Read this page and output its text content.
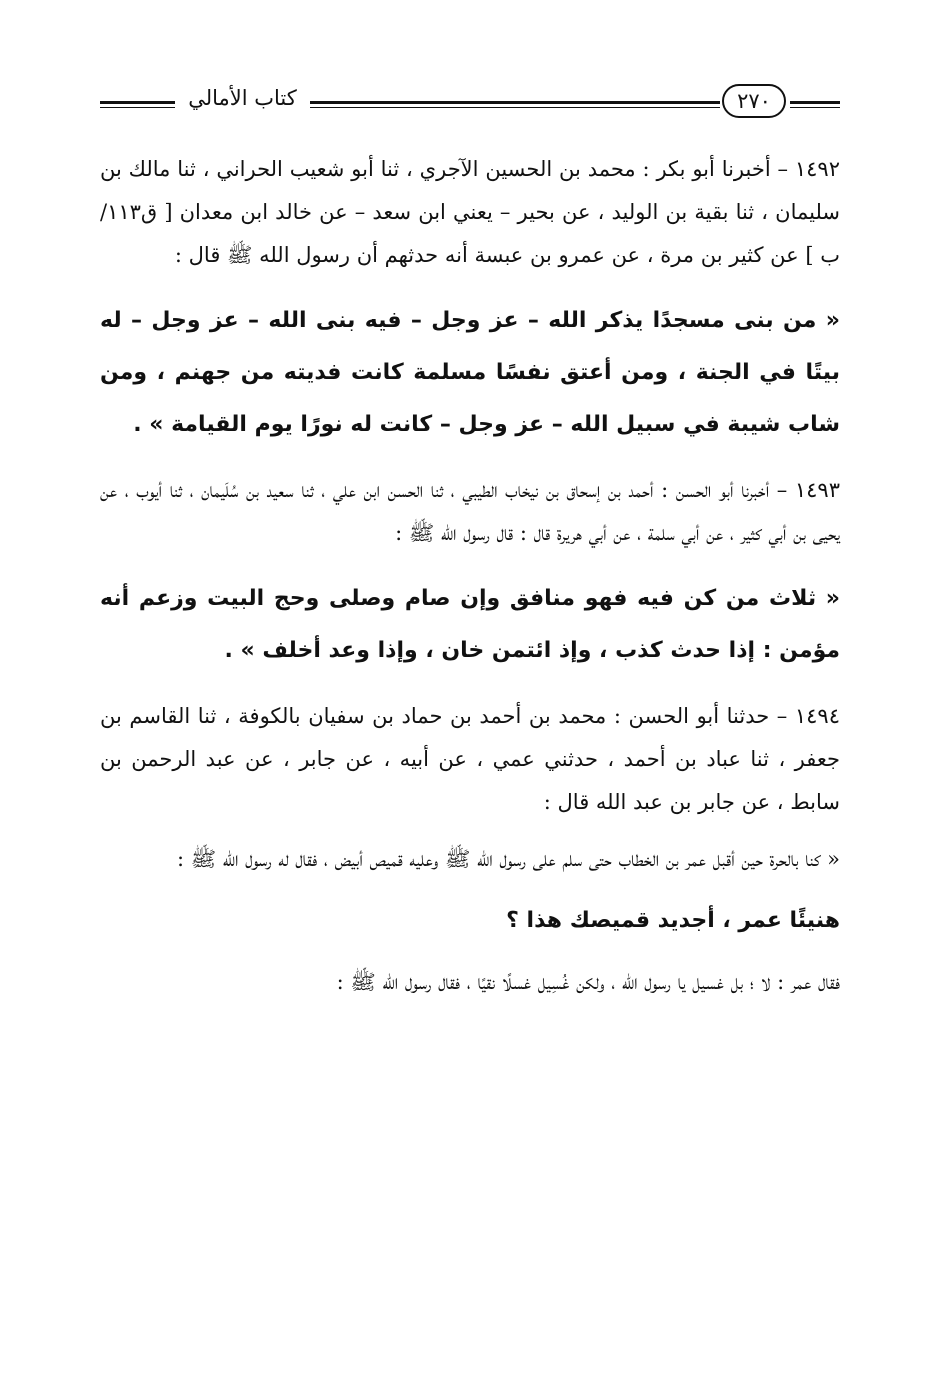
كتاب الأمالي	٢٧٠

١٤٩٢ – أخبرنا أبو بكر : محمد بن الحسين الآجري ، ثنا أبو شعيب الحراني ، ثنا مالك بن سليمان ، ثنا بقية بن الوليد ، عن بحير – يعني ابن سعد – عن خالد ابن معدان [ ق١١٣/ب ] عن كثير بن مرة ، عن عمرو بن عبسة أنه حدثهم أن رسول الله ﷺ قال :

« من بنى مسجدًا يذكر الله – عز وجل – فيه بنى الله – عز وجل – له بيتًا في الجنة ، ومن أعتق نفسًا مسلمة كانت فديته من جهنم ، ومن شاب شيبة في سبيل الله – عز وجل – كانت له نورًا يوم القيامة » .

١٤٩٣ – أخبرنا أبو الحسن : أحمد بن إسحاق بن نيخاب الطيبي ، ثنا الحسن ابن علي ، ثنا سعيد بن سُلَيمان ، ثنا أيوب ، عن يحيى بن أبي كثير ، عن أبي سلمة ، عن أبي هريرة قال : قال رسول الله ﷺ :

« ثلاث من كن فيه فهو منافق وإن صام وصلى وحج البيت وزعم أنه مؤمن : إذا حدث كذب ، وإذ ائتمن خان ، وإذا وعد أخلف » .

١٤٩٤ – حدثنا أبو الحسن : محمد بن أحمد بن حماد بن سفيان بالكوفة ، ثنا القاسم بن جعفر ، ثنا عباد بن أحمد ، حدثني عمي ، عن أبيه ، عن جابر ، عن عبد الرحمن بن سابط ، عن جابر بن عبد الله قال :

« كنا بالحرة حين أقبل عمر بن الخطاب حتى سلم على رسول الله ﷺ وعليه قميص أبيض ، فقال له رسول الله ﷺ :

هنيئًا عمر ، أجديد قميصك هذا ؟

فقال عمر : لا ؛ بل غسيل يا رسول الله ، ولكن غُسِيل غسلًا نقيًا ، فقال رسول الله ﷺ :
